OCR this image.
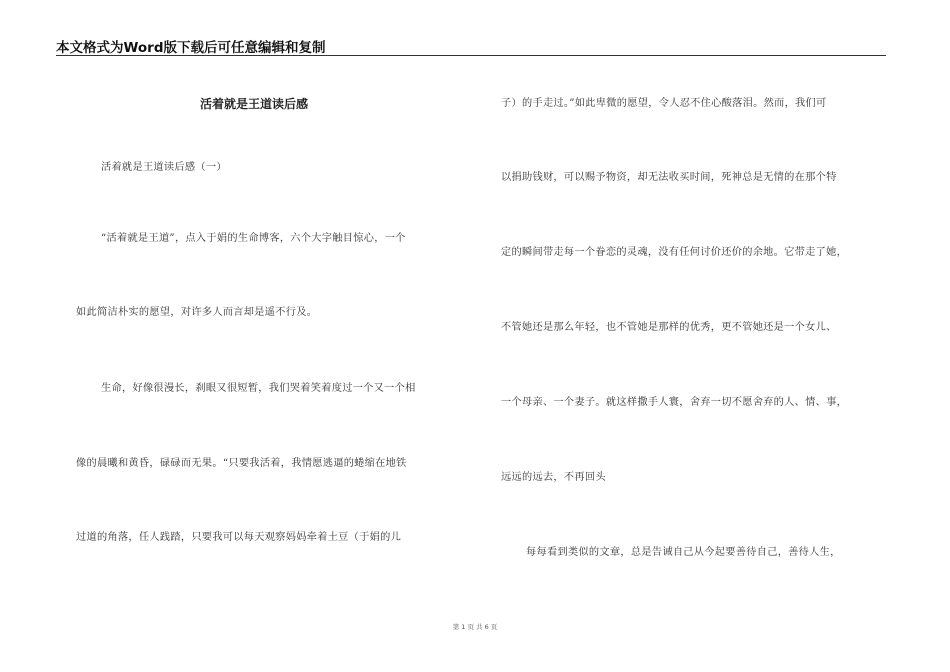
本文格式为Word版下载后可任意编辑和复制
活着就是王道读后感
活着就是王道读后感（一）
“活着就是王道”，点入于娟的生命博客，六个大字触目惊心，一个
如此简洁朴实的愿望，对许多人而言却是遥不行及。
生命，好像很漫长，刹眼又很短暂，我们哭着笑着度过一个又一个相
像的晨曦和黄昏，碌碌而无果。“只要我活着，我情愿逃逼的蜷缩在地铁
过道的角落，任人践踏，只要我可以每天观察妈妈牵着土豆（于娟的儿
子）的手走过。”如此卑微的愿望，令人忍不住心酸落泪。然而，我们可
以捐助钱财，可以赐予物资，却无法收买时间，死神总是无情的在那个特
定的瞬间带走每一个眷恋的灵魂，没有任何讨价还价的余地。它带走了她，
不管她还是那么年轻，也不管她是那样的优秀，更不管她还是一个女儿、
一个母亲、一个妻子。就这样撒手人寰，舍弃一切不愿舍弃的人、情、事，
远远的远去，不再回头
每每看到类似的文章，总是告诫自己从今起要善待自己，善待人生，
第 1 页 共 6 页
